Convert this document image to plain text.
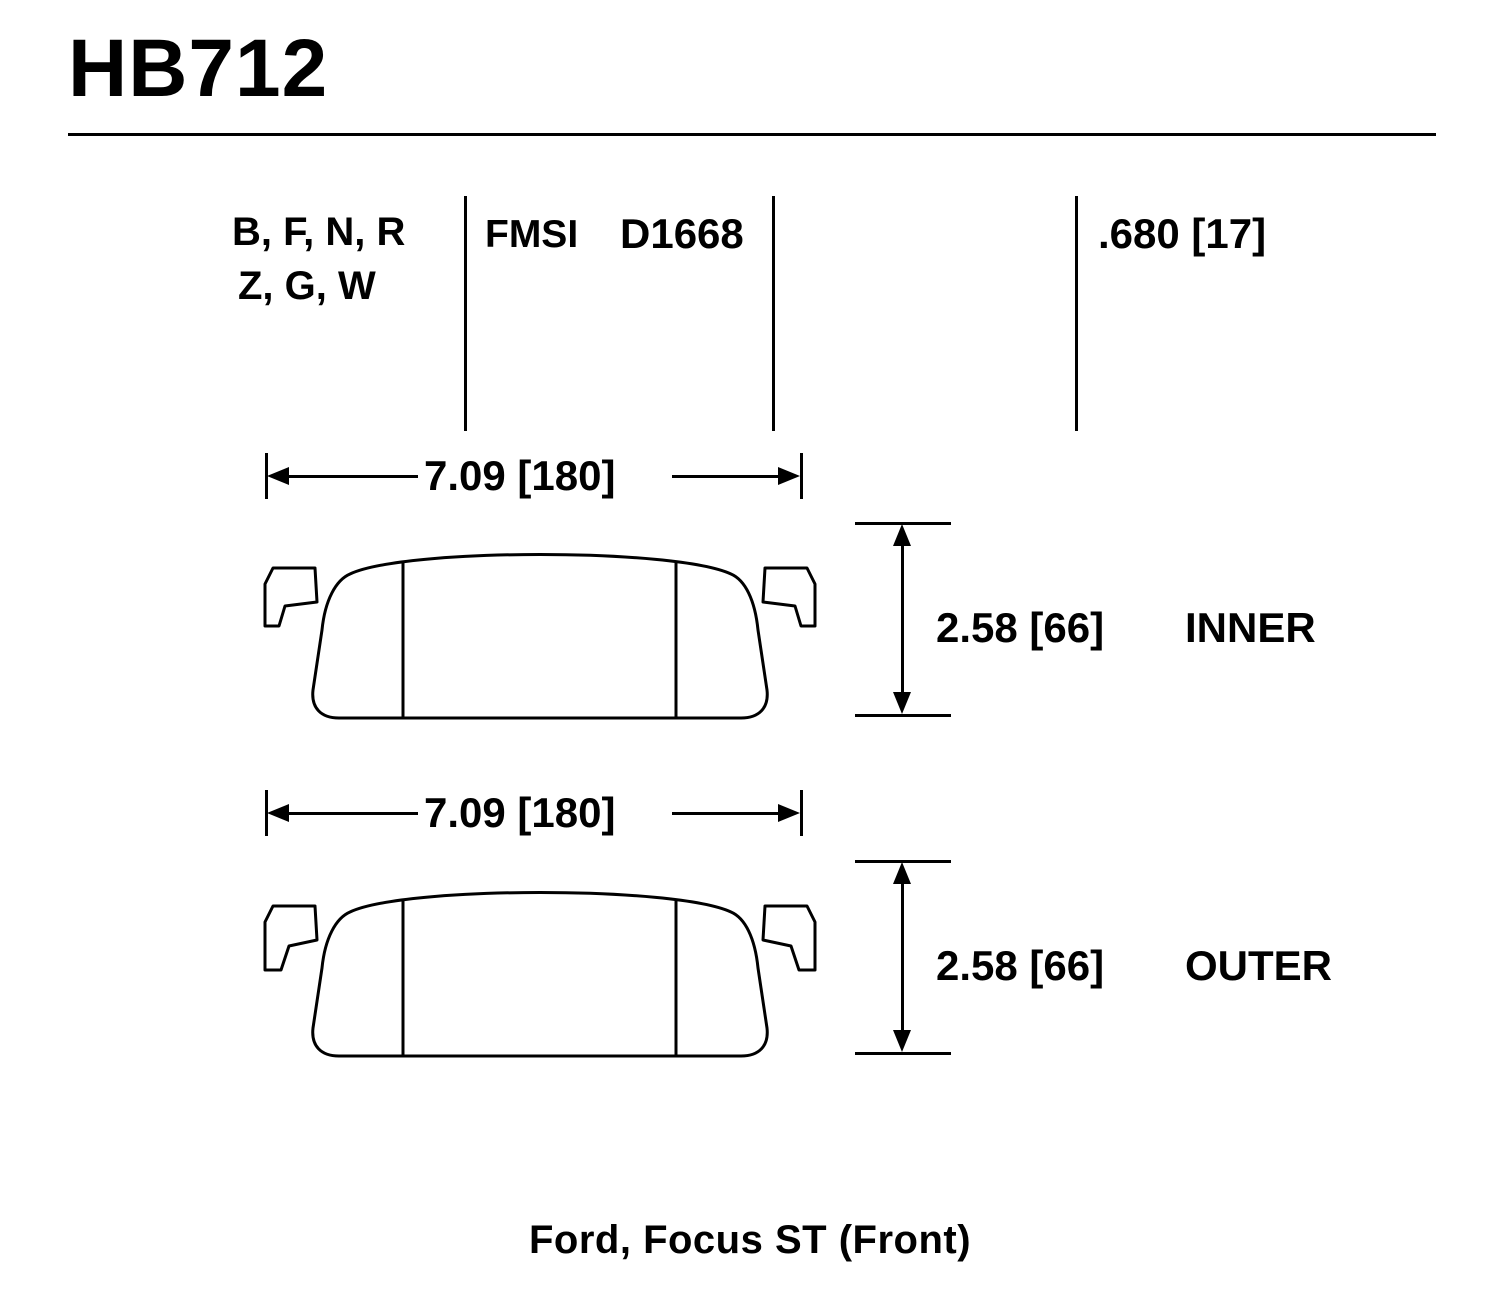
HB712
B, F, N, R
Z, G, W
FMSI D1668	.680 [17]
7.09 [180]
2.58 [66] INNER
7.09 [180]
2.58 [66] OUTER
Ford, Focus ST (Front)
